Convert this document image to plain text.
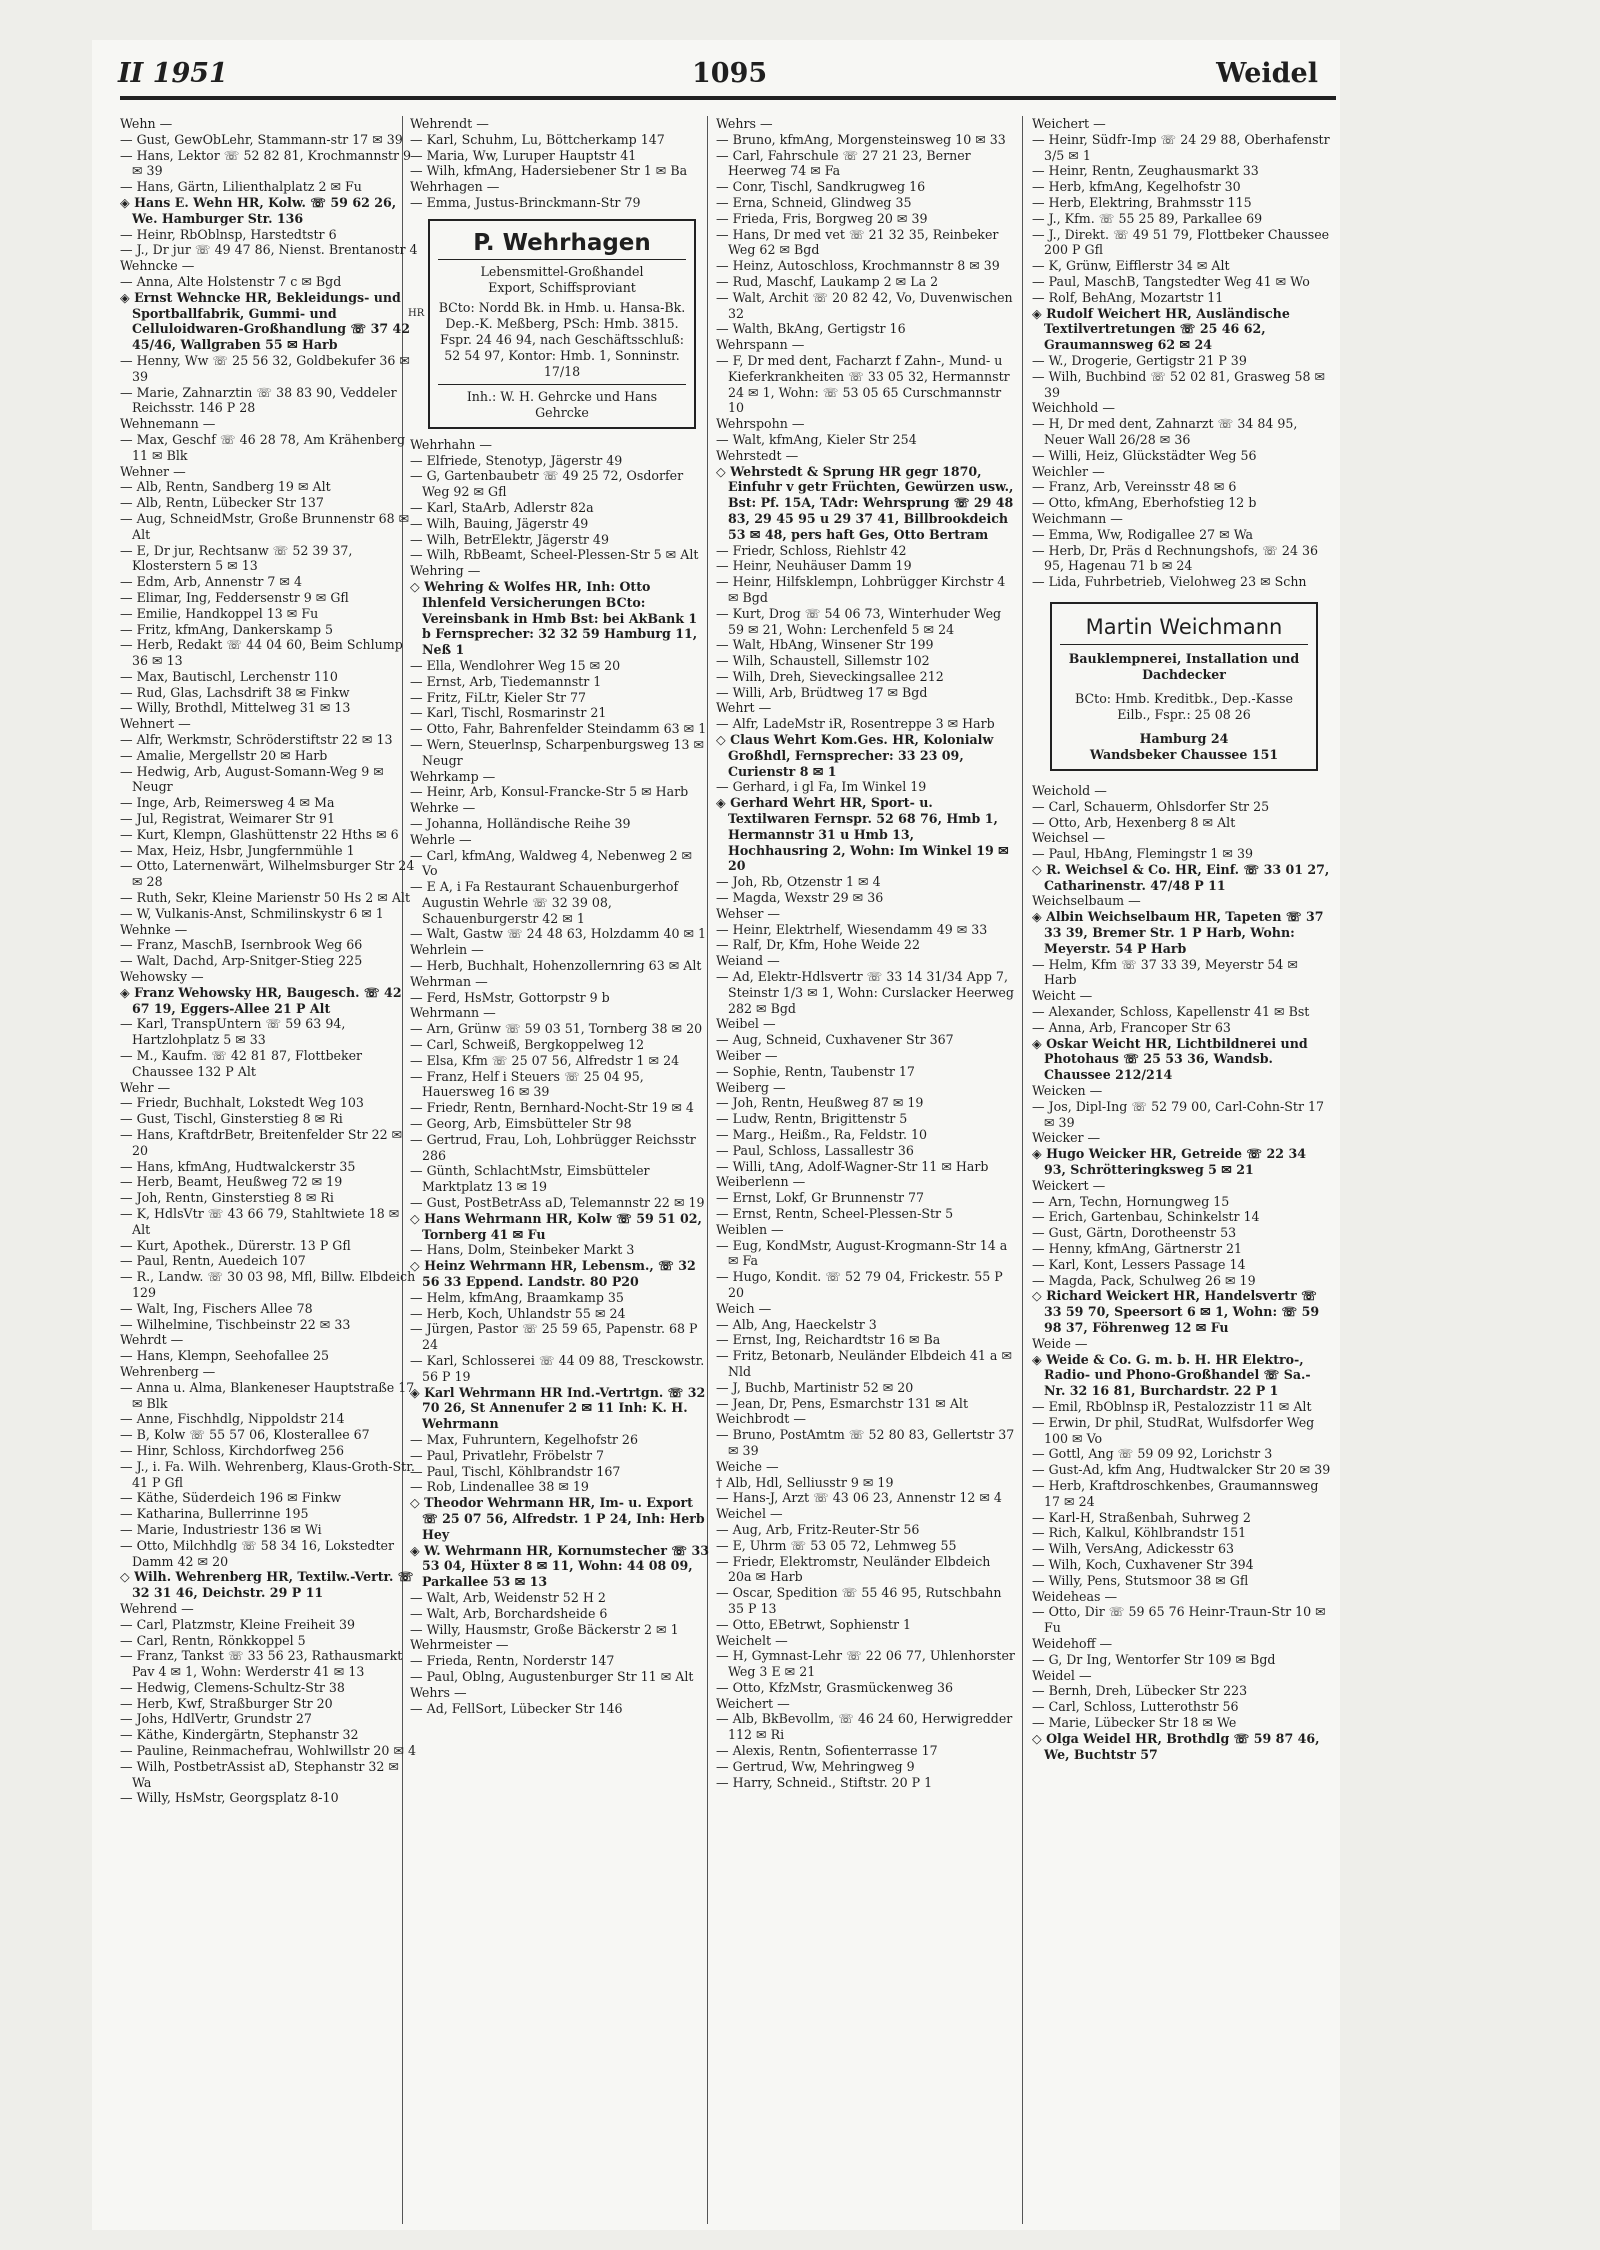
II 1951	1095	Weidel
HR

Wehn —

— Gust, GewObLehr, Stammann-str 17 ✉ 39

— Hans, Lektor ☏ 52 82 81, Krochmannstr 9 ✉ 39

— Hans, Gärtn, Lilienthalplatz 2 ✉ Fu

◈ Hans E. Wehn HR, Kolw. ☏ 59 62 26, We. Hamburger Str. 136

— Heinr, RbOblnsp, Harstedtstr 6

— J., Dr jur ☏ 49 47 86, Nienst. Brentanostr 4

Wehncke —

— Anna, Alte Holstenstr 7 c ✉ Bgd

◈ Ernst Wehncke HR, Bekleidungs- und Sportballfabrik, Gummi- und Celluloidwaren-Großhandlung ☏ 37 42 45/46, Wallgraben 55 ✉ Harb

— Henny, Ww ☏ 25 56 32, Goldbekufer 36 ✉ 39

— Marie, Zahnarztin ☏ 38 83 90, Veddeler Reichsstr. 146 P 28

Wehnemann —

— Max, Geschf ☏ 46 28 78, Am Krähenberg 11 ✉ Blk

Wehner —

— Alb, Rentn, Sandberg 19 ✉ Alt

— Alb, Rentn, Lübecker Str 137

— Aug, SchneidMstr, Große Brunnenstr 68 ✉ Alt

— E, Dr jur, Rechtsanw ☏ 52 39 37, Klosterstern 5 ✉ 13

— Edm, Arb, Annenstr 7 ✉ 4

— Elimar, Ing, Feddersenstr 9 ✉ Gfl

— Emilie, Handkoppel 13 ✉ Fu

— Fritz, kfmAng, Dankerskamp 5

— Herb, Redakt ☏ 44 04 60, Beim Schlump 36 ✉ 13

— Max, Bautischl, Lerchenstr 110

— Rud, Glas, Lachsdrift 38 ✉ Finkw

— Willy, Brothdl, Mittelweg 31 ✉ 13

Wehnert —

— Alfr, Werkmstr, Schröderstiftstr 22 ✉ 13

— Amalie, Mergellstr 20 ✉ Harb

— Hedwig, Arb, August-Somann-Weg 9 ✉ Neugr

— Inge, Arb, Reimersweg 4 ✉ Ma

— Jul, Registrat, Weimarer Str 91

— Kurt, Klempn, Glashüttenstr 22 Hths ✉ 6

— Max, Heiz, Hsbr, Jungfernmühle 1

— Otto, Laternenwärt, Wilhelmsburger Str 24 ✉ 28

— Ruth, Sekr, Kleine Marienstr 50 Hs 2 ✉ Alt

— W, Vulkanis-Anst, Schmilinskystr 6 ✉ 1

Wehnke —

— Franz, MaschB, Isernbrook Weg 66

— Walt, Dachd, Arp-Snitger-Stieg 225

Wehowsky —

◈ Franz Wehowsky HR, Baugesch. ☏ 42 67 19, Eggers-Allee 21 P Alt

— Karl, TranspUntern ☏ 59 63 94, Hartzlohplatz 5 ✉ 33

— M., Kaufm. ☏ 42 81 87, Flottbeker Chaussee 132 P Alt

Wehr —

— Friedr, Buchhalt, Lokstedt Weg 103

— Gust, Tischl, Ginsterstieg 8 ✉ Ri

— Hans, KraftdrBetr, Breitenfelder Str 22 ✉ 20

— Hans, kfmAng, Hudtwalckerstr 35

— Herb, Beamt, Heußweg 72 ✉ 19

— Joh, Rentn, Ginsterstieg 8 ✉ Ri

— K, HdlsVtr ☏ 43 66 79, Stahltwiete 18 ✉ Alt

— Kurt, Apothek., Dürerstr. 13 P Gfl

— Paul, Rentn, Auedeich 107

— R., Landw. ☏ 30 03 98, Mfl, Billw. Elbdeich 129

— Walt, Ing, Fischers Allee 78

— Wilhelmine, Tischbeinstr 22 ✉ 33

Wehrdt —

— Hans, Klempn, Seehofallee 25

Wehrenberg —

— Anna u. Alma, Blankeneser Hauptstraße 17 ✉ Blk

— Anne, Fischhdlg, Nippoldstr 214

— B, Kolw ☏ 55 57 06, Klosterallee 67

— Hinr, Schloss, Kirchdorfweg 256

— J., i. Fa. Wilh. Wehrenberg, Klaus-Groth-Str. 41 P Gfl

— Käthe, Süderdeich 196 ✉ Finkw

— Katharina, Bullerrinne 195

— Marie, Industriestr 136 ✉ Wi

— Otto, Milchhdlg ☏ 58 34 16, Lokstedter Damm 42 ✉ 20

◇ Wilh. Wehrenberg HR, Textilw.-Vertr. ☏ 32 31 46, Deichstr. 29 P 11

Wehrend —

— Carl, Platzmstr, Kleine Freiheit 39

— Carl, Rentn, Rönkkoppel 5

— Franz, Tankst ☏ 33 56 23, Rathausmarkt Pav 4 ✉ 1, Wohn: Werderstr 41 ✉ 13

— Hedwig, Clemens-Schultz-Str 38

— Herb, Kwf, Straßburger Str 20

— Johs, HdlVertr, Grundstr 27

— Käthe, Kindergärtn, Stephanstr 32

— Pauline, Reinmachefrau, Wohlwillstr 20 ✉ 4

— Wilh, PostbetrAssist aD, Stephanstr 32 ✉ Wa

— Willy, HsMstr, Georgsplatz 8-10

Wehrendt —

— Karl, Schuhm, Lu, Böttcherkamp 147

— Maria, Ww, Luruper Hauptstr 41

— Wilh, kfmAng, Hadersiebener Str 1 ✉ Ba

Wehrhagen —

— Emma, Justus-Brinckmann-Str 79

P. Wehrhagen
Lebensmittel-Großhandel
Export, Schiffsproviant
BCto: Nordd Bk. in Hmb. u. Hansa-Bk. Dep.-K. Meßberg, PSch: Hmb. 3815. Fspr. 24 46 94, nach Geschäftsschluß: 52 54 97, Kontor: Hmb. 1, Sonninstr. 17/18
Inh.: W. H. Gehrcke und Hans Gehrcke

Wehrhahn —

— Elfriede, Stenotyp, Jägerstr 49

— G, Gartenbaubetr ☏ 49 25 72, Osdorfer Weg 92 ✉ Gfl

— Karl, StaArb, Adlerstr 82a

— Wilh, Bauing, Jägerstr 49

— Wilh, BetrElektr, Jägerstr 49

— Wilh, RbBeamt, Scheel-Plessen-Str 5 ✉ Alt

Wehring —

◇ Wehring & Wolfes HR, Inh: Otto Ihlenfeld Versicherungen BCto: Vereinsbank in Hmb Bst: bei AkBank 1 b Fernsprecher: 32 32 59 Hamburg 11, Neß 1

— Ella, Wendlohrer Weg 15 ✉ 20

— Ernst, Arb, Tiedemannstr 1

— Fritz, FiLtr, Kieler Str 77

— Karl, Tischl, Rosmarinstr 21

— Otto, Fahr, Bahrenfelder Steindamm 63 ✉ 1

— Wern, Steuerlnsp, Scharpenburgsweg 13 ✉ Neugr

Wehrkamp —

— Heinr, Arb, Konsul-Francke-Str 5 ✉ Harb

Wehrke —

— Johanna, Holländische Reihe 39

Wehrle —

— Carl, kfmAng, Waldweg 4, Nebenweg 2 ✉ Vo

— E A, i Fa Restaurant Schauenburgerhof Augustin Wehrle ☏ 32 39 08, Schauenburgerstr 42 ✉ 1

— Walt, Gastw ☏ 24 48 63, Holzdamm 40 ✉ 1

Wehrlein —

— Herb, Buchhalt, Hohenzollernring 63 ✉ Alt

Wehrman —

— Ferd, HsMstr, Gottorpstr 9 b

Wehrmann —

— Arn, Grünw ☏ 59 03 51, Tornberg 38 ✉ 20

— Carl, Schweiß, Bergkoppelweg 12

— Elsa, Kfm ☏ 25 07 56, Alfredstr 1 ✉ 24

— Franz, Helf i Steuers ☏ 25 04 95, Hauersweg 16 ✉ 39

— Friedr, Rentn, Bernhard-Nocht-Str 19 ✉ 4

— Georg, Arb, Eimsbütteler Str 98

— Gertrud, Frau, Loh, Lohbrügger Reichsstr 286

— Günth, SchlachtMstr, Eimsbütteler Marktplatz 13 ✉ 19

— Gust, PostBetrAss aD, Telemannstr 22 ✉ 19

◇ Hans Wehrmann HR, Kolw ☏ 59 51 02, Tornberg 41 ✉ Fu

— Hans, Dolm, Steinbeker Markt 3

◇ Heinz Wehrmann HR, Lebensm., ☏ 32 56 33 Eppend. Landstr. 80 P20

— Helm, kfmAng, Braamkamp 35

— Herb, Koch, Uhlandstr 55 ✉ 24

— Jürgen, Pastor ☏ 25 59 65, Papenstr. 68 P 24

— Karl, Schlosserei ☏ 44 09 88, Tresckowstr. 56 P 19

◈ Karl Wehrmann HR Ind.-Vertrtgn. ☏ 32 70 26, St Annenufer 2 ✉ 11 Inh: K. H. Wehrmann

— Max, Fuhruntern, Kegelhofstr 26

— Paul, Privatlehr, Fröbelstr 7

— Paul, Tischl, Köhlbrandstr 167

— Rob, Lindenallee 38 ✉ 19

◇ Theodor Wehrmann HR, Im- u. Export ☏ 25 07 56, Alfredstr. 1 P 24, Inh: Herb Hey

◈ W. Wehrmann HR, Kornumstecher ☏ 33 53 04, Hüxter 8 ✉ 11, Wohn: 44 08 09, Parkallee 53 ✉ 13

— Walt, Arb, Weidenstr 52 H 2

— Walt, Arb, Borchardsheide 6

— Willy, Hausmstr, Große Bäckerstr 2 ✉ 1

Wehrmeister —

— Frieda, Rentn, Norderstr 147

— Paul, Oblng, Augustenburger Str 11 ✉ Alt

Wehrs —

— Ad, FellSort, Lübecker Str 146

Wehrs —

— Bruno, kfmAng, Morgensteinsweg 10 ✉ 33

— Carl, Fahrschule ☏ 27 21 23, Berner Heerweg 74 ✉ Fa

— Conr, Tischl, Sandkrugweg 16

— Erna, Schneid, Glindweg 35

— Frieda, Fris, Borgweg 20 ✉ 39

— Hans, Dr med vet ☏ 21 32 35, Reinbeker Weg 62 ✉ Bgd

— Heinz, Autoschloss, Krochmannstr 8 ✉ 39

— Rud, Maschf, Laukamp 2 ✉ La 2

— Walt, Archit ☏ 20 82 42, Vo, Duvenwischen 32

— Walth, BkAng, Gertigstr 16

Wehrspann —

— F, Dr med dent, Facharzt f Zahn-, Mund- u Kieferkrankheiten ☏ 33 05 32, Hermannstr 24 ✉ 1, Wohn: ☏ 53 05 65 Curschmannstr 10

Wehrspohn —

— Walt, kfmAng, Kieler Str 254

Wehrstedt —

◇ Wehrstedt & Sprung HR gegr 1870, Einfuhr v getr Früchten, Gewürzen usw., Bst: Pf. 15A, TAdr: Wehrsprung ☏ 29 48 83, 29 45 95 u 29 37 41, Billbrookdeich 53 ✉ 48, pers haft Ges, Otto Bertram

— Friedr, Schloss, Riehlstr 42

— Heinr, Neuhäuser Damm 19

— Heinr, Hilfsklempn, Lohbrügger Kirchstr 4 ✉ Bgd

— Kurt, Drog ☏ 54 06 73, Winterhuder Weg 59 ✉ 21, Wohn: Lerchenfeld 5 ✉ 24

— Walt, HbAng, Winsener Str 199

— Wilh, Schaustell, Sillemstr 102

— Wilh, Dreh, Sieveckingsallee 212

— Willi, Arb, Brüdtweg 17 ✉ Bgd

Wehrt —

— Alfr, LadeMstr iR, Rosentreppe 3 ✉ Harb

◇ Claus Wehrt Kom.Ges. HR, Kolonialw Großhdl, Fernsprecher: 33 23 09, Curienstr 8 ✉ 1

— Gerhard, i gl Fa, Im Winkel 19

◈ Gerhard Wehrt HR, Sport- u. Textilwaren Fernspr. 52 68 76, Hmb 1, Hermannstr 31 u Hmb 13, Hochhausring 2, Wohn: Im Winkel 19 ✉ 20

— Joh, Rb, Otzenstr 1 ✉ 4

— Magda, Wexstr 29 ✉ 36

Wehser —

— Heinr, Elektrhelf, Wiesendamm 49 ✉ 33

— Ralf, Dr, Kfm, Hohe Weide 22

Weiand —

— Ad, Elektr-Hdlsvertr ☏ 33 14 31/34 App 7, Steinstr 1/3 ✉ 1, Wohn: Curslacker Heerweg 282 ✉ Bgd

Weibel —

— Aug, Schneid, Cuxhavener Str 367

Weiber —

— Sophie, Rentn, Taubenstr 17

Weiberg —

— Joh, Rentn, Heußweg 87 ✉ 19

— Ludw, Rentn, Brigittenstr 5

— Marg., Heißm., Ra, Feldstr. 10

— Paul, Schloss, Lassallestr 36

— Willi, tAng, Adolf-Wagner-Str 11 ✉ Harb

Weiberlenn —

— Ernst, Lokf, Gr Brunnenstr 77

— Ernst, Rentn, Scheel-Plessen-Str 5

Weiblen —

— Eug, KondMstr, August-Krogmann-Str 14 a ✉ Fa

— Hugo, Kondit. ☏ 52 79 04, Frickestr. 55 P 20

Weich —

— Alb, Ang, Haeckelstr 3

— Ernst, Ing, Reichardtstr 16 ✉ Ba

— Fritz, Betonarb, Neuländer Elbdeich 41 a ✉ Nld

— J, Buchb, Martinistr 52 ✉ 20

— Jean, Dr, Pens, Esmarchstr 131 ✉ Alt

Weichbrodt —

— Bruno, PostAmtm ☏ 52 80 83, Gellertstr 37 ✉ 39

Weiche —

† Alb, Hdl, Selliusstr 9 ✉ 19

— Hans-J, Arzt ☏ 43 06 23, Annenstr 12 ✉ 4

Weichel —

— Aug, Arb, Fritz-Reuter-Str 56

— E, Uhrm ☏ 53 05 72, Lehmweg 55

— Friedr, Elektromstr, Neuländer Elbdeich 20a ✉ Harb

— Oscar, Spedition ☏ 55 46 95, Rutschbahn 35 P 13

— Otto, EBetrwt, Sophienstr 1

Weichelt —

— H, Gymnast-Lehr ☏ 22 06 77, Uhlenhorster Weg 3 E ✉ 21

— Otto, KfzMstr, Grasmückenweg 36

Weichert —

— Alb, BkBevollm, ☏ 46 24 60, Herwigredder 112 ✉ Ri

— Alexis, Rentn, Sofienterrasse 17

— Gertrud, Ww, Mehringweg 9

— Harry, Schneid., Stiftstr. 20 P 1

Weichert —

— Heinr, Südfr-Imp ☏ 24 29 88, Oberhafenstr 3/5 ✉ 1

— Heinr, Rentn, Zeughausmarkt 33

— Herb, kfmAng, Kegelhofstr 30

— Herb, Elektring, Brahmsstr 115

— J., Kfm. ☏ 55 25 89, Parkallee 69

— J., Direkt. ☏ 49 51 79, Flottbeker Chaussee 200 P Gfl

— K, Grünw, Eifflerstr 34 ✉ Alt

— Paul, MaschB, Tangstedter Weg 41 ✉ Wo

— Rolf, BehAng, Mozartstr 11

◈ Rudolf Weichert HR, Ausländische Textilvertretungen ☏ 25 46 62, Graumannsweg 62 ✉ 24

— W., Drogerie, Gertigstr 21 P 39

— Wilh, Buchbind ☏ 52 02 81, Grasweg 58 ✉ 39

Weichhold —

— H, Dr med dent, Zahnarzt ☏ 34 84 95, Neuer Wall 26/28 ✉ 36

— Willi, Heiz, Glückstädter Weg 56

Weichler —

— Franz, Arb, Vereinsstr 48 ✉ 6

— Otto, kfmAng, Eberhofstieg 12 b

Weichmann —

— Emma, Ww, Rodigallee 27 ✉ Wa

— Herb, Dr, Präs d Rechnungshofs, ☏ 24 36 95, Hagenau 71 b ✉ 24

— Lida, Fuhrbetrieb, Vielohweg 23 ✉ Schn

Martin Weichmann
Bauklempnerei, Installation und Dachdecker
BCto: Hmb. Kreditbk., Dep.-Kasse Eilb., Fspr.: 25 08 26
Hamburg 24
Wandsbeker Chaussee 151

Weichold —

— Carl, Schauerm, Ohlsdorfer Str 25

— Otto, Arb, Hexenberg 8 ✉ Alt

Weichsel —

— Paul, HbAng, Flemingstr 1 ✉ 39

◇ R. Weichsel & Co. HR, Einf. ☏ 33 01 27, Catharinenstr. 47/48 P 11

Weichselbaum —

◈ Albin Weichselbaum HR, Tapeten ☏ 37 33 39, Bremer Str. 1 P Harb, Wohn: Meyerstr. 54 P Harb

— Helm, Kfm ☏ 37 33 39, Meyerstr 54 ✉ Harb

Weicht —

— Alexander, Schloss, Kapellenstr 41 ✉ Bst

— Anna, Arb, Francoper Str 63

◈ Oskar Weicht HR, Lichtbildnerei und Photohaus ☏ 25 53 36, Wandsb. Chaussee 212/214

Weicken —

— Jos, Dipl-Ing ☏ 52 79 00, Carl-Cohn-Str 17 ✉ 39

Weicker —

◈ Hugo Weicker HR, Getreide ☏ 22 34 93, Schrötteringksweg 5 ✉ 21

Weickert —

— Arn, Techn, Hornungweg 15

— Erich, Gartenbau, Schinkelstr 14

— Gust, Gärtn, Dorotheenstr 53

— Henny, kfmAng, Gärtnerstr 21

— Karl, Kont, Lessers Passage 14

— Magda, Pack, Schulweg 26 ✉ 19

◇ Richard Weickert HR, Handelsvertr ☏ 33 59 70, Speersort 6 ✉ 1, Wohn: ☏ 59 98 37, Föhrenweg 12 ✉ Fu

Weide —

◈ Weide & Co. G. m. b. H. HR Elektro-, Radio- und Phono-Großhandel ☏ Sa.-Nr. 32 16 81, Burchardstr. 22 P 1

— Emil, RbOblnsp iR, Pestalozzistr 11 ✉ Alt

— Erwin, Dr phil, StudRat, Wulfsdorfer Weg 100 ✉ Vo

— Gottl, Ang ☏ 59 09 92, Lorichstr 3

— Gust-Ad, kfm Ang, Hudtwalcker Str 20 ✉ 39

— Herb, Kraftdroschkenbes, Graumannsweg 17 ✉ 24

— Karl-H, Straßenbah, Suhrweg 2

— Rich, Kalkul, Köhlbrandstr 151

— Wilh, VersAng, Adickesstr 63

— Wilh, Koch, Cuxhavener Str 394

— Willy, Pens, Stutsmoor 38 ✉ Gfl

Weideheas —

— Otto, Dir ☏ 59 65 76 Heinr-Traun-Str 10 ✉ Fu

Weidehoff —

— G, Dr Ing, Wentorfer Str 109 ✉ Bgd

Weidel —

— Bernh, Dreh, Lübecker Str 223

— Carl, Schloss, Lutterothstr 56

— Marie, Lübecker Str 18 ✉ We

◇ Olga Weidel HR, Brothdlg ☏ 59 87 46, We, Buchtstr 57
